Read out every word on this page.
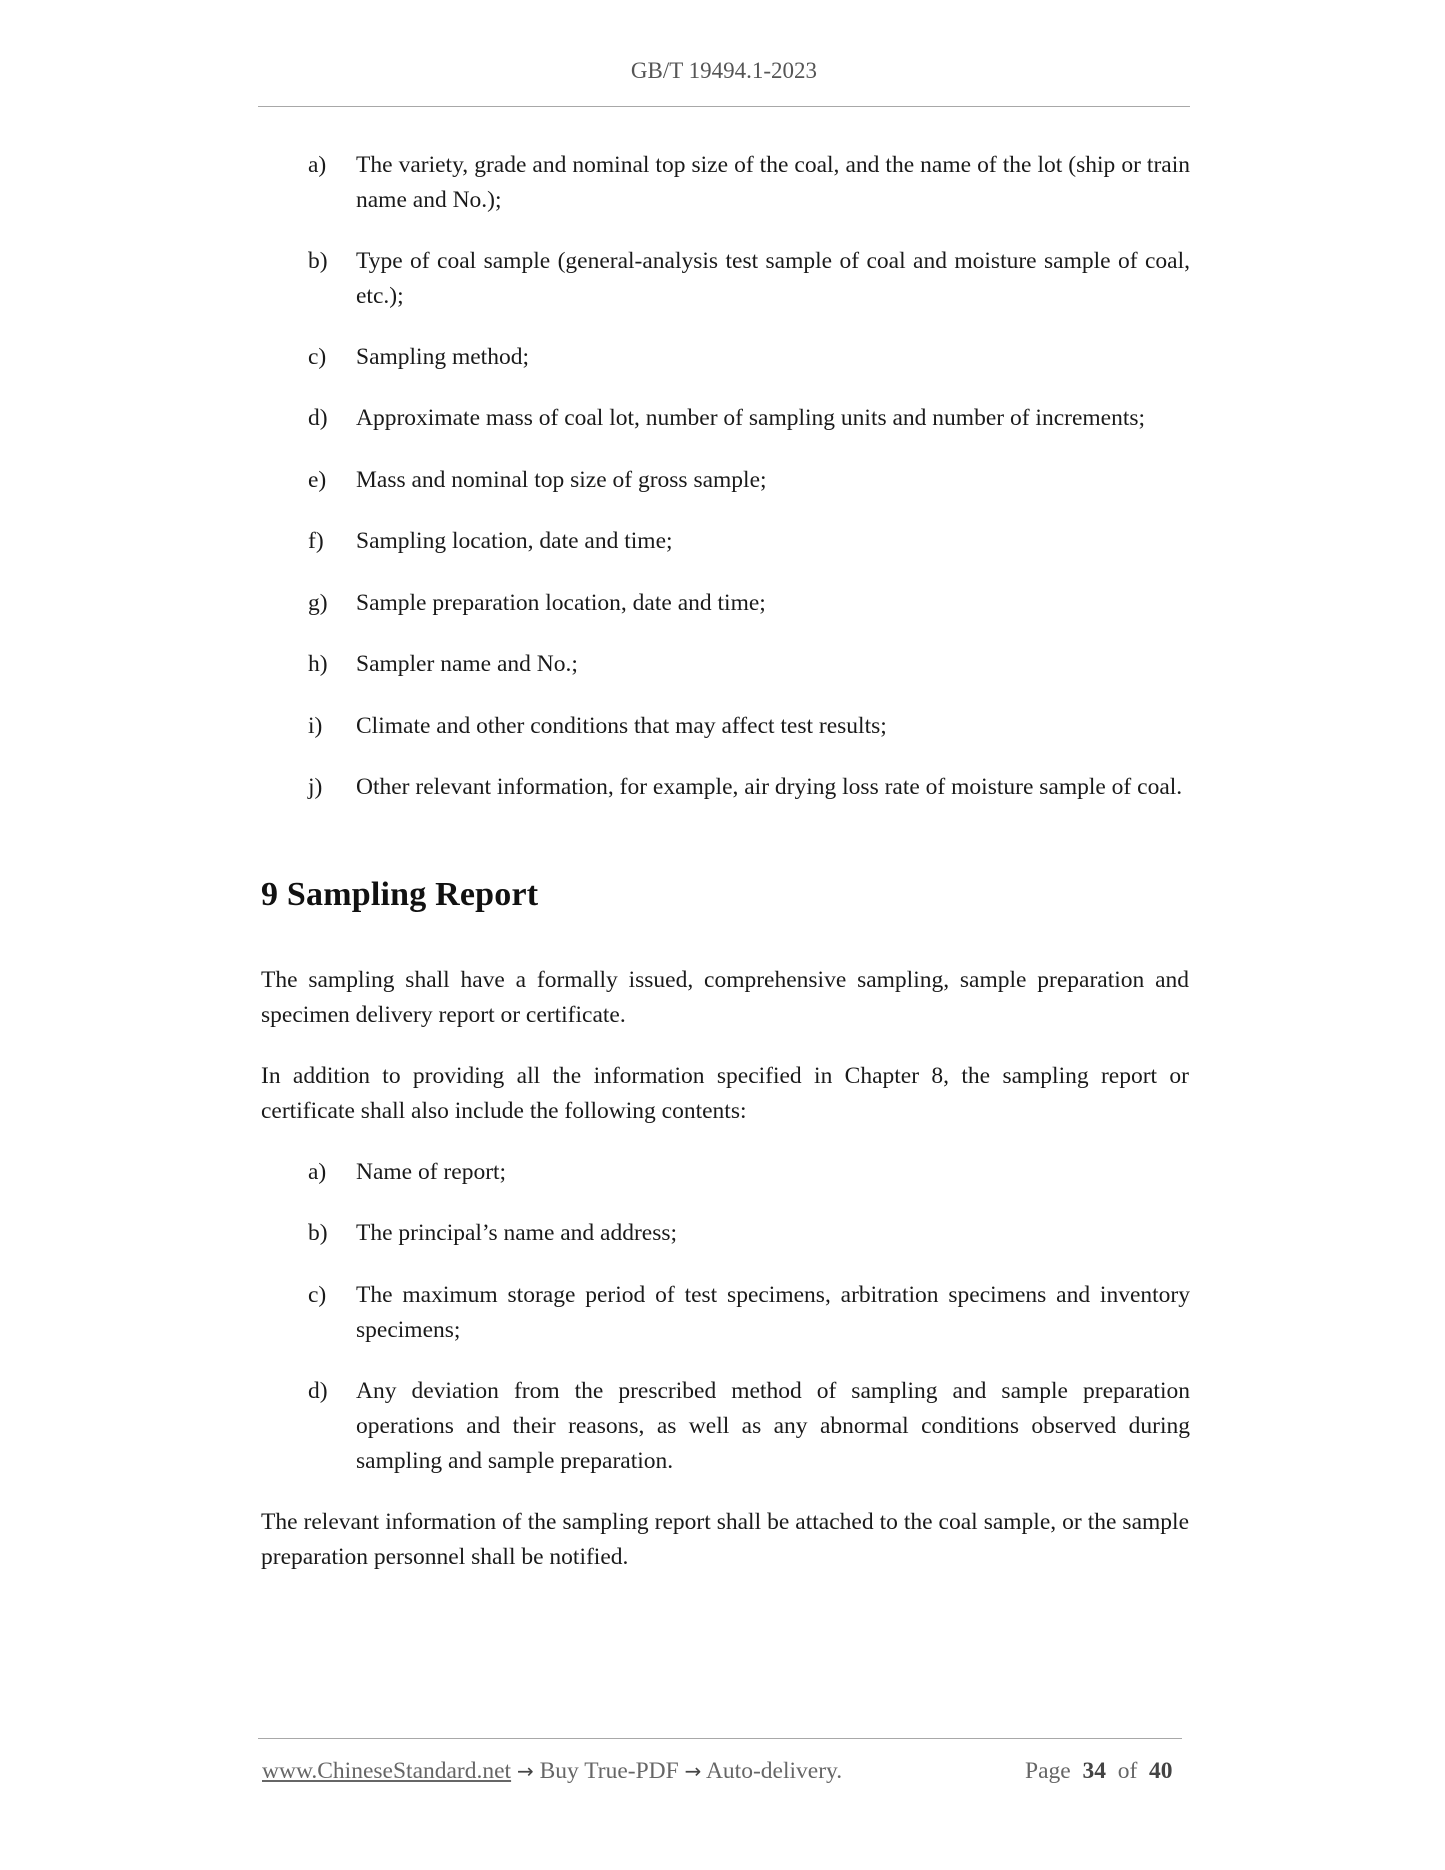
GB/T 19494.1-2023
a) The variety, grade and nominal top size of the coal, and the name of the lot (ship or train name and No.);
b) Type of coal sample (general-analysis test sample of coal and moisture sample of coal, etc.);
c) Sampling method;
d) Approximate mass of coal lot, number of sampling units and number of increments;
e) Mass and nominal top size of gross sample;
f) Sampling location, date and time;
g) Sample preparation location, date and time;
h) Sampler name and No.;
i) Climate and other conditions that may affect test results;
j) Other relevant information, for example, air drying loss rate of moisture sample of coal.
9 Sampling Report
The sampling shall have a formally issued, comprehensive sampling, sample preparation and specimen delivery report or certificate.
In addition to providing all the information specified in Chapter 8, the sampling report or certificate shall also include the following contents:
a) Name of report;
b) The principal’s name and address;
c) The maximum storage period of test specimens, arbitration specimens and inventory specimens;
d) Any deviation from the prescribed method of sampling and sample preparation operations and their reasons, as well as any abnormal conditions observed during sampling and sample preparation.
The relevant information of the sampling report shall be attached to the coal sample, or the sample preparation personnel shall be notified.
www.ChineseStandard.net → Buy True-PDF → Auto-delivery.	Page 34 of 40
